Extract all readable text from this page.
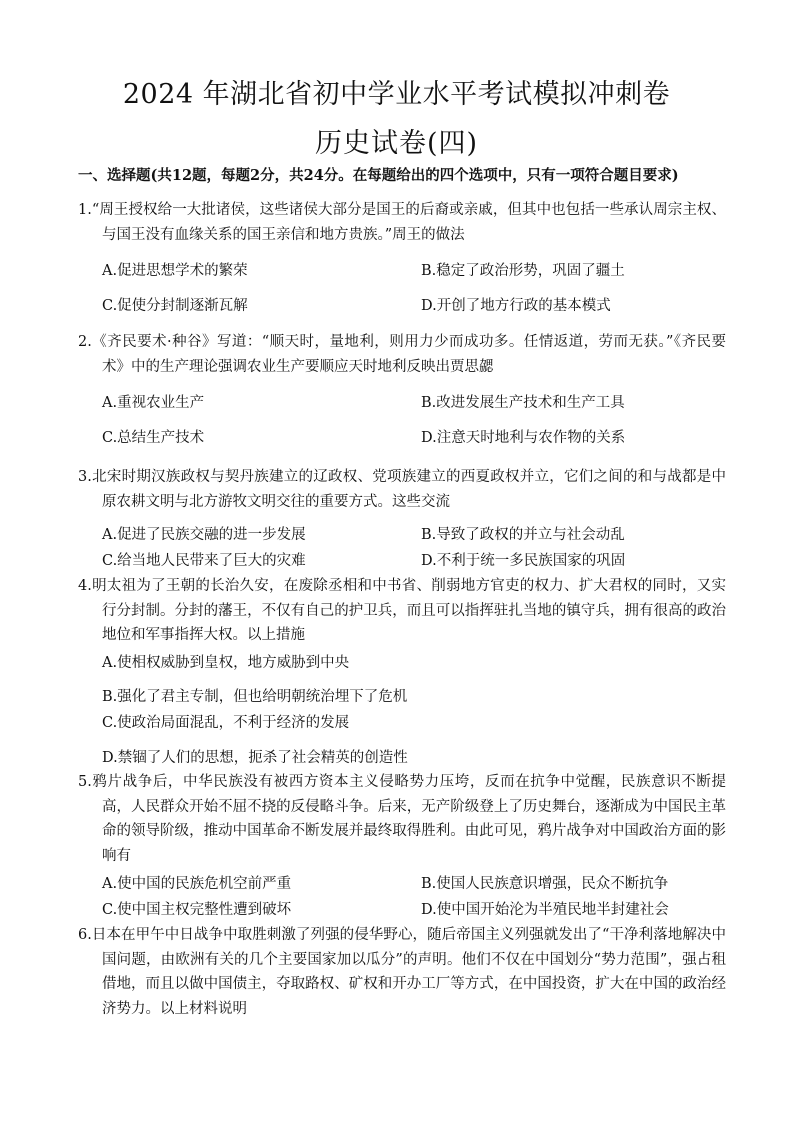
2024 年湖北省初中学业水平考试模拟冲刺卷
历史试卷(四)
一、选择题(共12题，每题2分，共24分。在每题给出的四个选项中，只有一项符合题目要求)
1.“周王授权给一大批诸侯，这些诸侯大部分是国王的后裔或亲戚，但其中也包括一些承认周宗主权、与国王没有血缘关系的国王亲信和地方贵族。”周王的做法
A.促进思想学术的繁荣	B.稳定了政治形势，巩固了疆土
C.促使分封制逐渐瓦解	D.开创了地方行政的基本模式
2.《齐民要术·种谷》写道：“顺天时，量地利，则用力少而成功多。任情返道，劳而无获。”《齐民要术》中的生产理论强调农业生产要顺应天时地利反映出贾思勰
A.重视农业生产	B.改进发展生产技术和生产工具
C.总结生产技术	D.注意天时地利与农作物的关系
3.北宋时期汉族政权与契丹族建立的辽政权、党项族建立的西夏政权并立，它们之间的和与战都是中原农耕文明与北方游牧文明交往的重要方式。这些交流
A.促进了民族交融的进一步发展	B.导致了政权的并立与社会动乱
C.给当地人民带来了巨大的灾难	D.不利于统一多民族国家的巩固
4.明太祖为了王朝的长治久安，在废除丞相和中书省、削弱地方官吏的权力、扩大君权的同时，又实行分封制。分封的藩王，不仅有自己的护卫兵，而且可以指挥驻扎当地的镇守兵，拥有很高的政治地位和军事指挥大权。以上措施
A.使相权威胁到皇权，地方威胁到中央
B.强化了君主专制，但也给明朝统治埋下了危机
C.使政治局面混乱，不利于经济的发展
D.禁锢了人们的思想，扼杀了社会精英的创造性
5.鸦片战争后，中华民族没有被西方资本主义侵略势力压垮，反而在抗争中觉醒，民族意识不断提高，人民群众开始不屈不挠的反侵略斗争。后来，无产阶级登上了历史舞台，逐渐成为中国民主革命的领导阶级，推动中国革命不断发展并最终取得胜利。由此可见，鸦片战争对中国政治方面的影响有
A.使中国的民族危机空前严重	B.使国人民族意识增强，民众不断抗争
C.使中国主权完整性遭到破坏	D.使中国开始沦为半殖民地半封建社会
6.日本在甲午中日战争中取胜刺激了列强的侵华野心，随后帝国主义列强就发出了“干净利落地解决中国问题，由欧洲有关的几个主要国家加以瓜分”的声明。他们不仅在中国划分“势力范围”，强占租借地，而且以做中国债主，夺取路权、矿权和开办工厂等方式，在中国投资，扩大在中国的政治经济势力。以上材料说明
